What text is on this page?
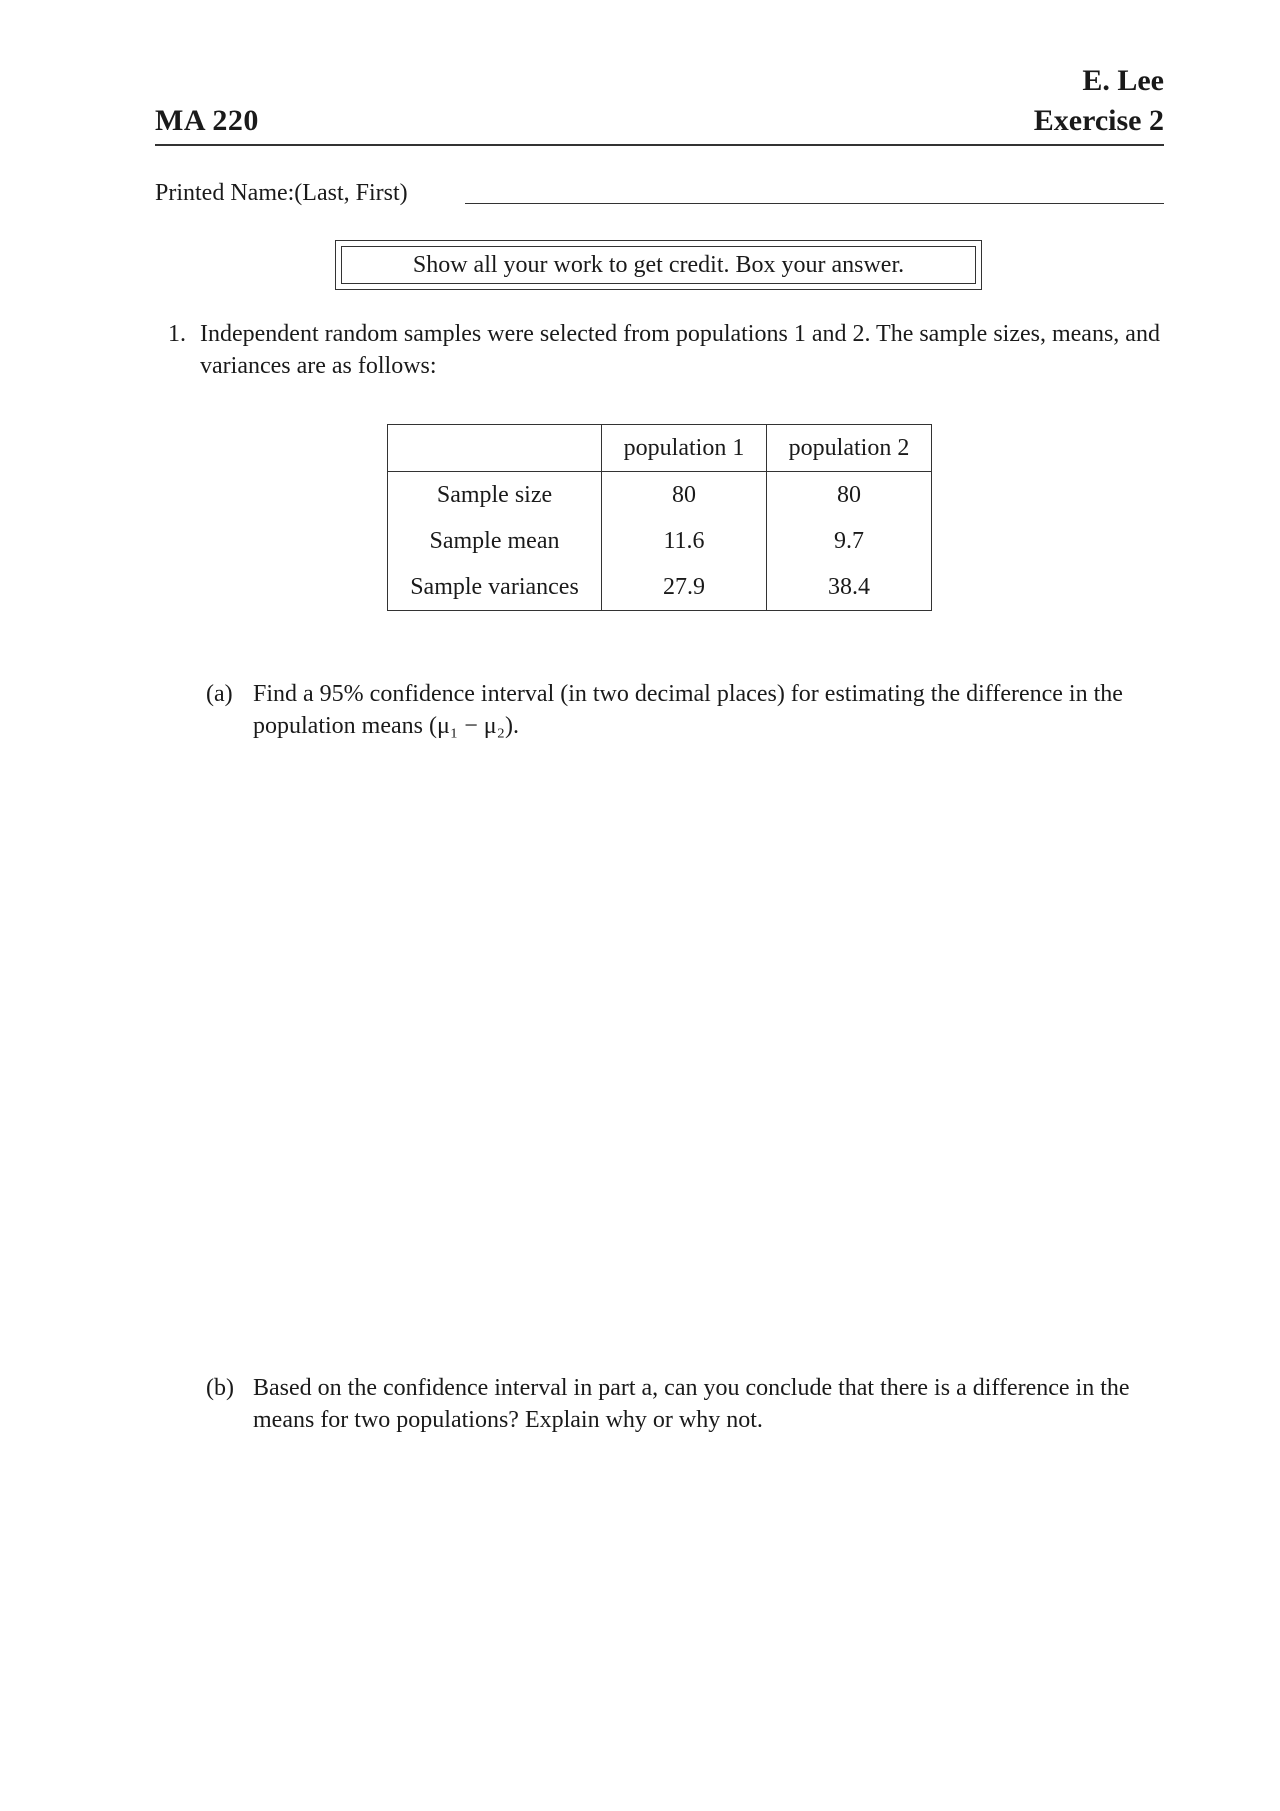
MA 220
E. Lee
Exercise 2
Printed Name:(Last, First)
Show all your work to get credit. Box your answer.
1. Independent random samples were selected from populations 1 and 2. The sample sizes, means, and variances are as follows:
	population 1	population 2
Sample size	80	80
Sample mean	11.6	9.7
Sample variances	27.9	38.4
(a) Find a 95% confidence interval (in two decimal places) for estimating the difference in the population means (μ₁ − μ₂).
(b) Based on the confidence interval in part a, can you conclude that there is a difference in the means for two populations? Explain why or why not.
